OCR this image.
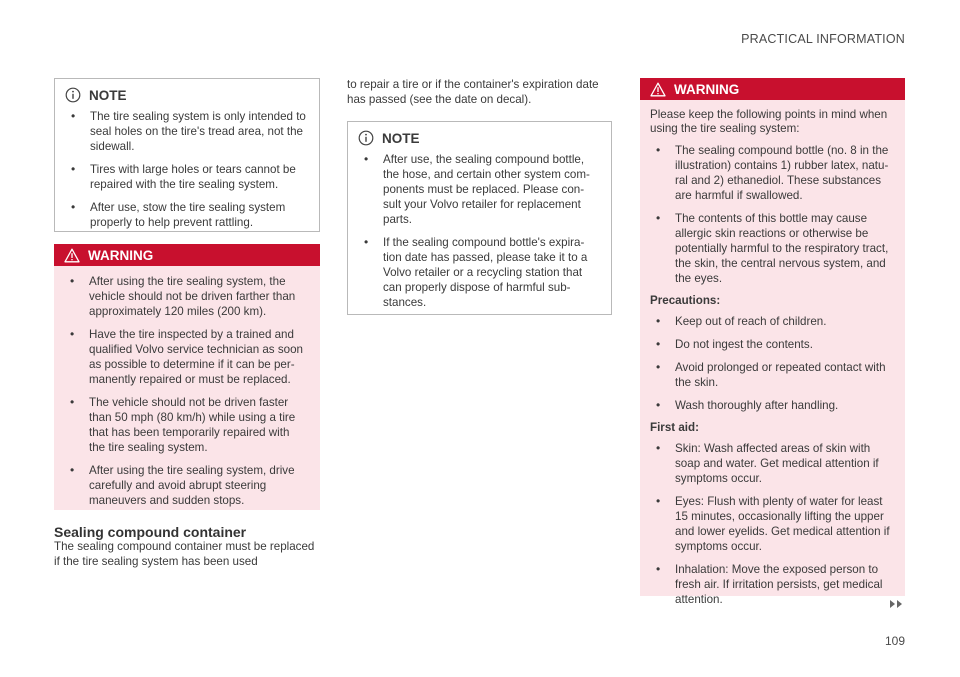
PRACTICAL INFORMATION
NOTE
• The tire sealing system is only intended to seal holes on the tire's tread area, not the sidewall.
• Tires with large holes or tears cannot be repaired with the tire sealing system.
• After use, stow the tire sealing system properly to help prevent rattling.
WARNING
• After using the tire sealing system, the vehicle should not be driven farther than approximately 120 miles (200 km).
• Have the tire inspected by a trained and qualified Volvo service technician as soon as possible to determine if it can be per-manently repaired or must be replaced.
• The vehicle should not be driven faster than 50 mph (80 km/h) while using a tire that has been temporarily repaired with the tire sealing system.
• After using the tire sealing system, drive carefully and avoid abrupt steering maneuvers and sudden stops.
Sealing compound container

The sealing compound container must be replaced if the tire sealing system has been used

to repair a tire or if the container's expiration date has passed (see the date on decal).

NOTE
• After use, the sealing compound bottle, the hose, and certain other system com-ponents must be replaced. Please con-sult your Volvo retailer for replacement parts.
• If the sealing compound bottle's expira-tion date has passed, please take it to a Volvo retailer or a recycling station that can properly dispose of harmful sub-stances.
WARNING

Please keep the following points in mind when using the tire sealing system:

• The sealing compound bottle (no. 8 in the illustration) contains 1) rubber latex, natu-ral and 2) ethanediol. These substances are harmful if swallowed.
• The contents of this bottle may cause allergic skin reactions or otherwise be potentially harmful to the respiratory tract, the skin, the central nervous system, and the eyes.
Precautions:
• Keep out of reach of children.
• Do not ingest the contents.
• Avoid prolonged or repeated contact with the skin.
• Wash thoroughly after handling.
First aid:
• Skin: Wash affected areas of skin with soap and water. Get medical attention if symptoms occur.
• Eyes: Flush with plenty of water for least 15 minutes, occasionally lifting the upper and lower eyelids. Get medical attention if symptoms occur.
• Inhalation: Move the exposed person to fresh air. If irritation persists, get medical attention.
109
